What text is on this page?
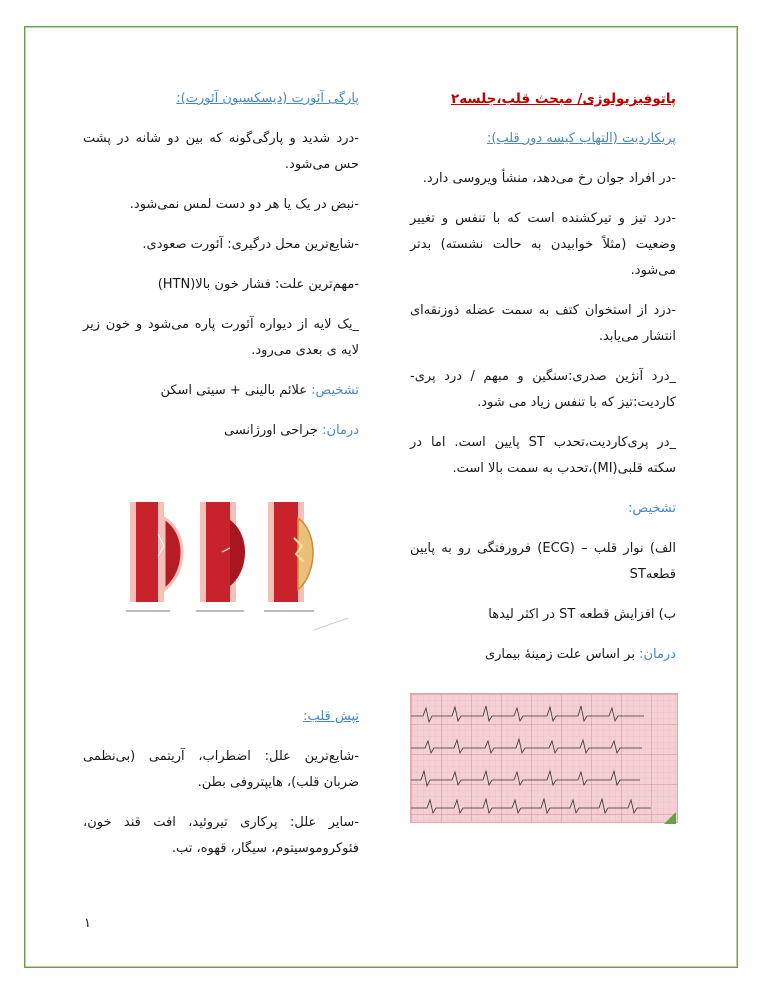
پاتوفیزیولوژی/ مبحث قلب،جلسه۲

پریکاردیت (التهاب کیسه دور قلب):

-در افراد جوان رخ می‌دهد، منشأ ویروسی دارد.

-درد تیز و تیرکشنده است که با تنفس و تغییر وضعیت (مثلاً خوابیدن به حالت نشسته) بدتر می‌شود.

-درد از استخوان کتف به سمت عضله ذوزنقه‌ای انتشار می‌یابد.

_درد آنژین صدری:سنگین و مبهم / درد پری-کاردیت:تیز که با تنفس زیاد می شود.

_در پری‌کاردیت،تحدب ST پایین است. اما در سکته قلبی(MI)،تحدب به سمت بالا است.

تشخیص:

الف) نوار قلب – (ECG) فرورفتگی رو به پایین قطعهST

ب) افزایش قطعه ST در اکثر لیدها

درمان: بر اساس علت زمینهٔ بیماری

پارگی آئورت (دیسکسیون آئورت):

-درد شدید و پارگی‌گونه که بین دو شانه در پشت حس می‌شود.

-نبض در یک یا هر دو دست لمس نمی‌شود.

-شایع‌ترین محل درگیری: آئورت صعودی.

-مهم‌ترین علت: فشار خون بالا(HTN)

_یک لایه از دیواره آئورت پاره می‌شود و خون زیر لایه ی بعدی می‌رود.

تشخیص: علائم بالینی + سیتی اسکن

درمان: جراحی اورژانسی

تپش قلب:

-شایع‌ترین علل: اضطراب، آریتمی (بی‌نظمی ضربان قلب)، هایپتروفی بطن.

-سایر علل: پرکاری تیروئید، افت قند خون، فئوکروموسیتوم، سیگار، قهوه، تب.

۱
